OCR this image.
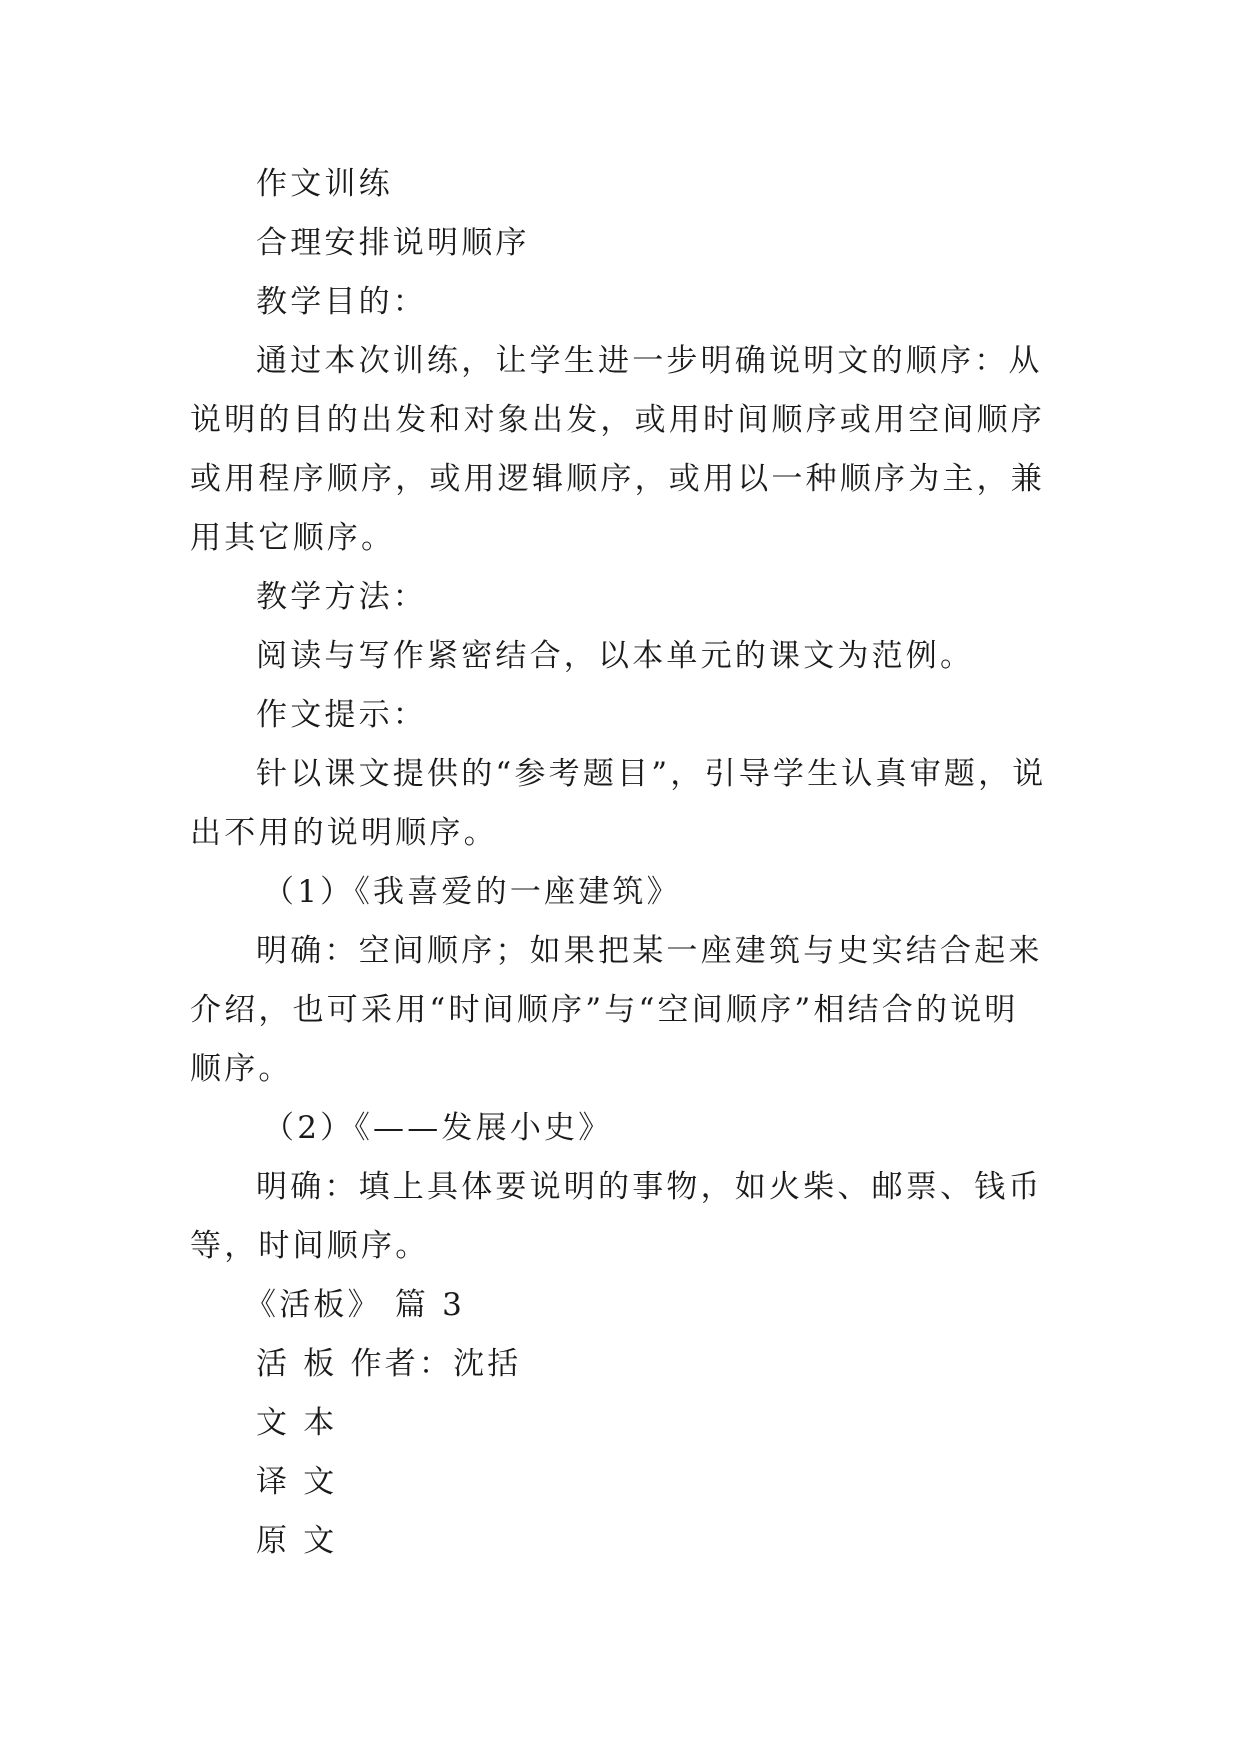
作文训练

合理安排说明顺序

教学目的：

通过本次训练，让学生进一步明确说明文的顺序：从说明的目的出发和对象出发，或用时间顺序或用空间顺序或用程序顺序，或用逻辑顺序，或用以一种顺序为主，兼用其它顺序。

教学方法：

阅读与写作紧密结合，以本单元的课文为范例。

作文提示：

针以课文提供的“参考题目”，引导学生认真审题，说出不用的说明顺序。

（1）《我喜爱的一座建筑》

明确：空间顺序；如果把某一座建筑与史实结合起来介绍，也可采用“时间顺序”与“空间顺序”相结合的说明顺序。

（2）《——发展小史》

明确：填上具体要说明的事物，如火柴、邮票、钱币等，时间顺序。

《活板》 篇 3

活 板 作者：沈括

文 本

译 文

原 文
